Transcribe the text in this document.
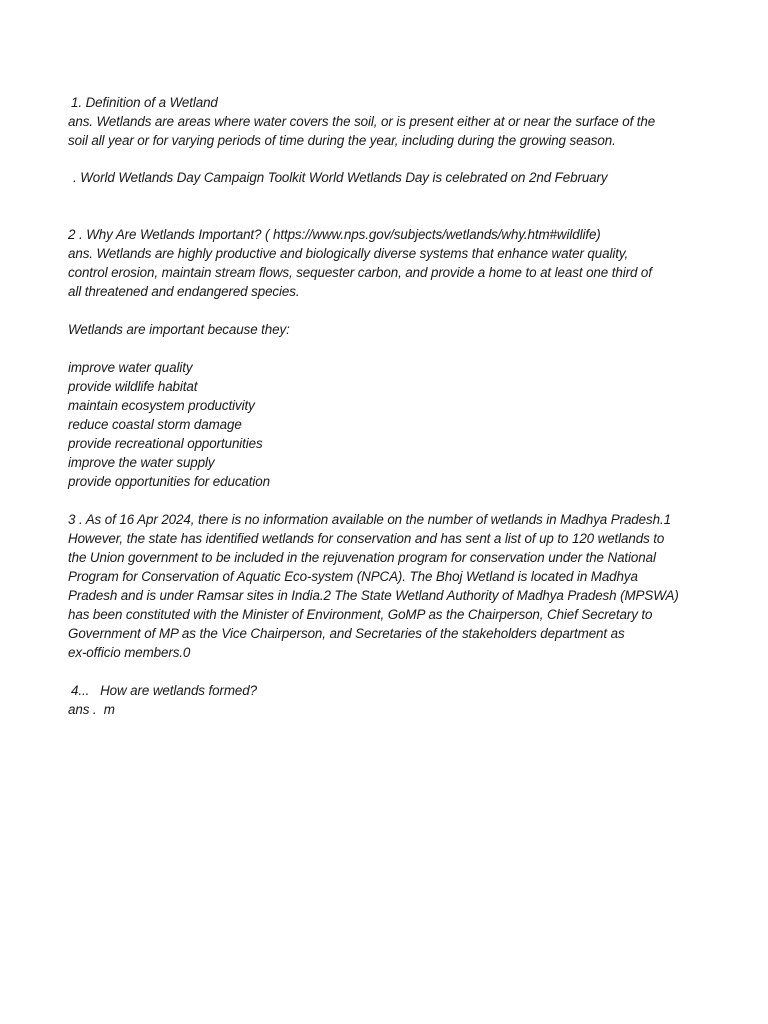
1. Definition of a Wetland
ans. Wetlands are areas where water covers the soil, or is present either at or near the surface of the
soil all year or for varying periods of time during the year, including during the growing season.
. World Wetlands Day Campaign Toolkit World Wetlands Day is celebrated on 2nd February
2 . Why Are Wetlands Important? ( https://www.nps.gov/subjects/wetlands/why.htm#wildlife)
ans. Wetlands are highly productive and biologically diverse systems that enhance water quality,
control erosion, maintain stream flows, sequester carbon, and provide a home to at least one third of
all threatened and endangered species.
Wetlands are important because they:
improve water quality
provide wildlife habitat
maintain ecosystem productivity
reduce coastal storm damage
provide recreational opportunities
improve the water supply
provide opportunities for education
3 . As of 16 Apr 2024, there is no information available on the number of wetlands in Madhya Pradesh.1
However, the state has identified wetlands for conservation and has sent a list of up to 120 wetlands to
the Union government to be included in the rejuvenation program for conservation under the National
Program for Conservation of Aquatic Eco-system (NPCA). The Bhoj Wetland is located in Madhya
Pradesh and is under Ramsar sites in India.2 The State Wetland Authority of Madhya Pradesh (MPSWA)
has been constituted with the Minister of Environment, GoMP as the Chairperson, Chief Secretary to
Government of MP as the Vice Chairperson, and Secretaries of the stakeholders department as
ex-officio members.0
4...   How are wetlands formed?
ans .  m
